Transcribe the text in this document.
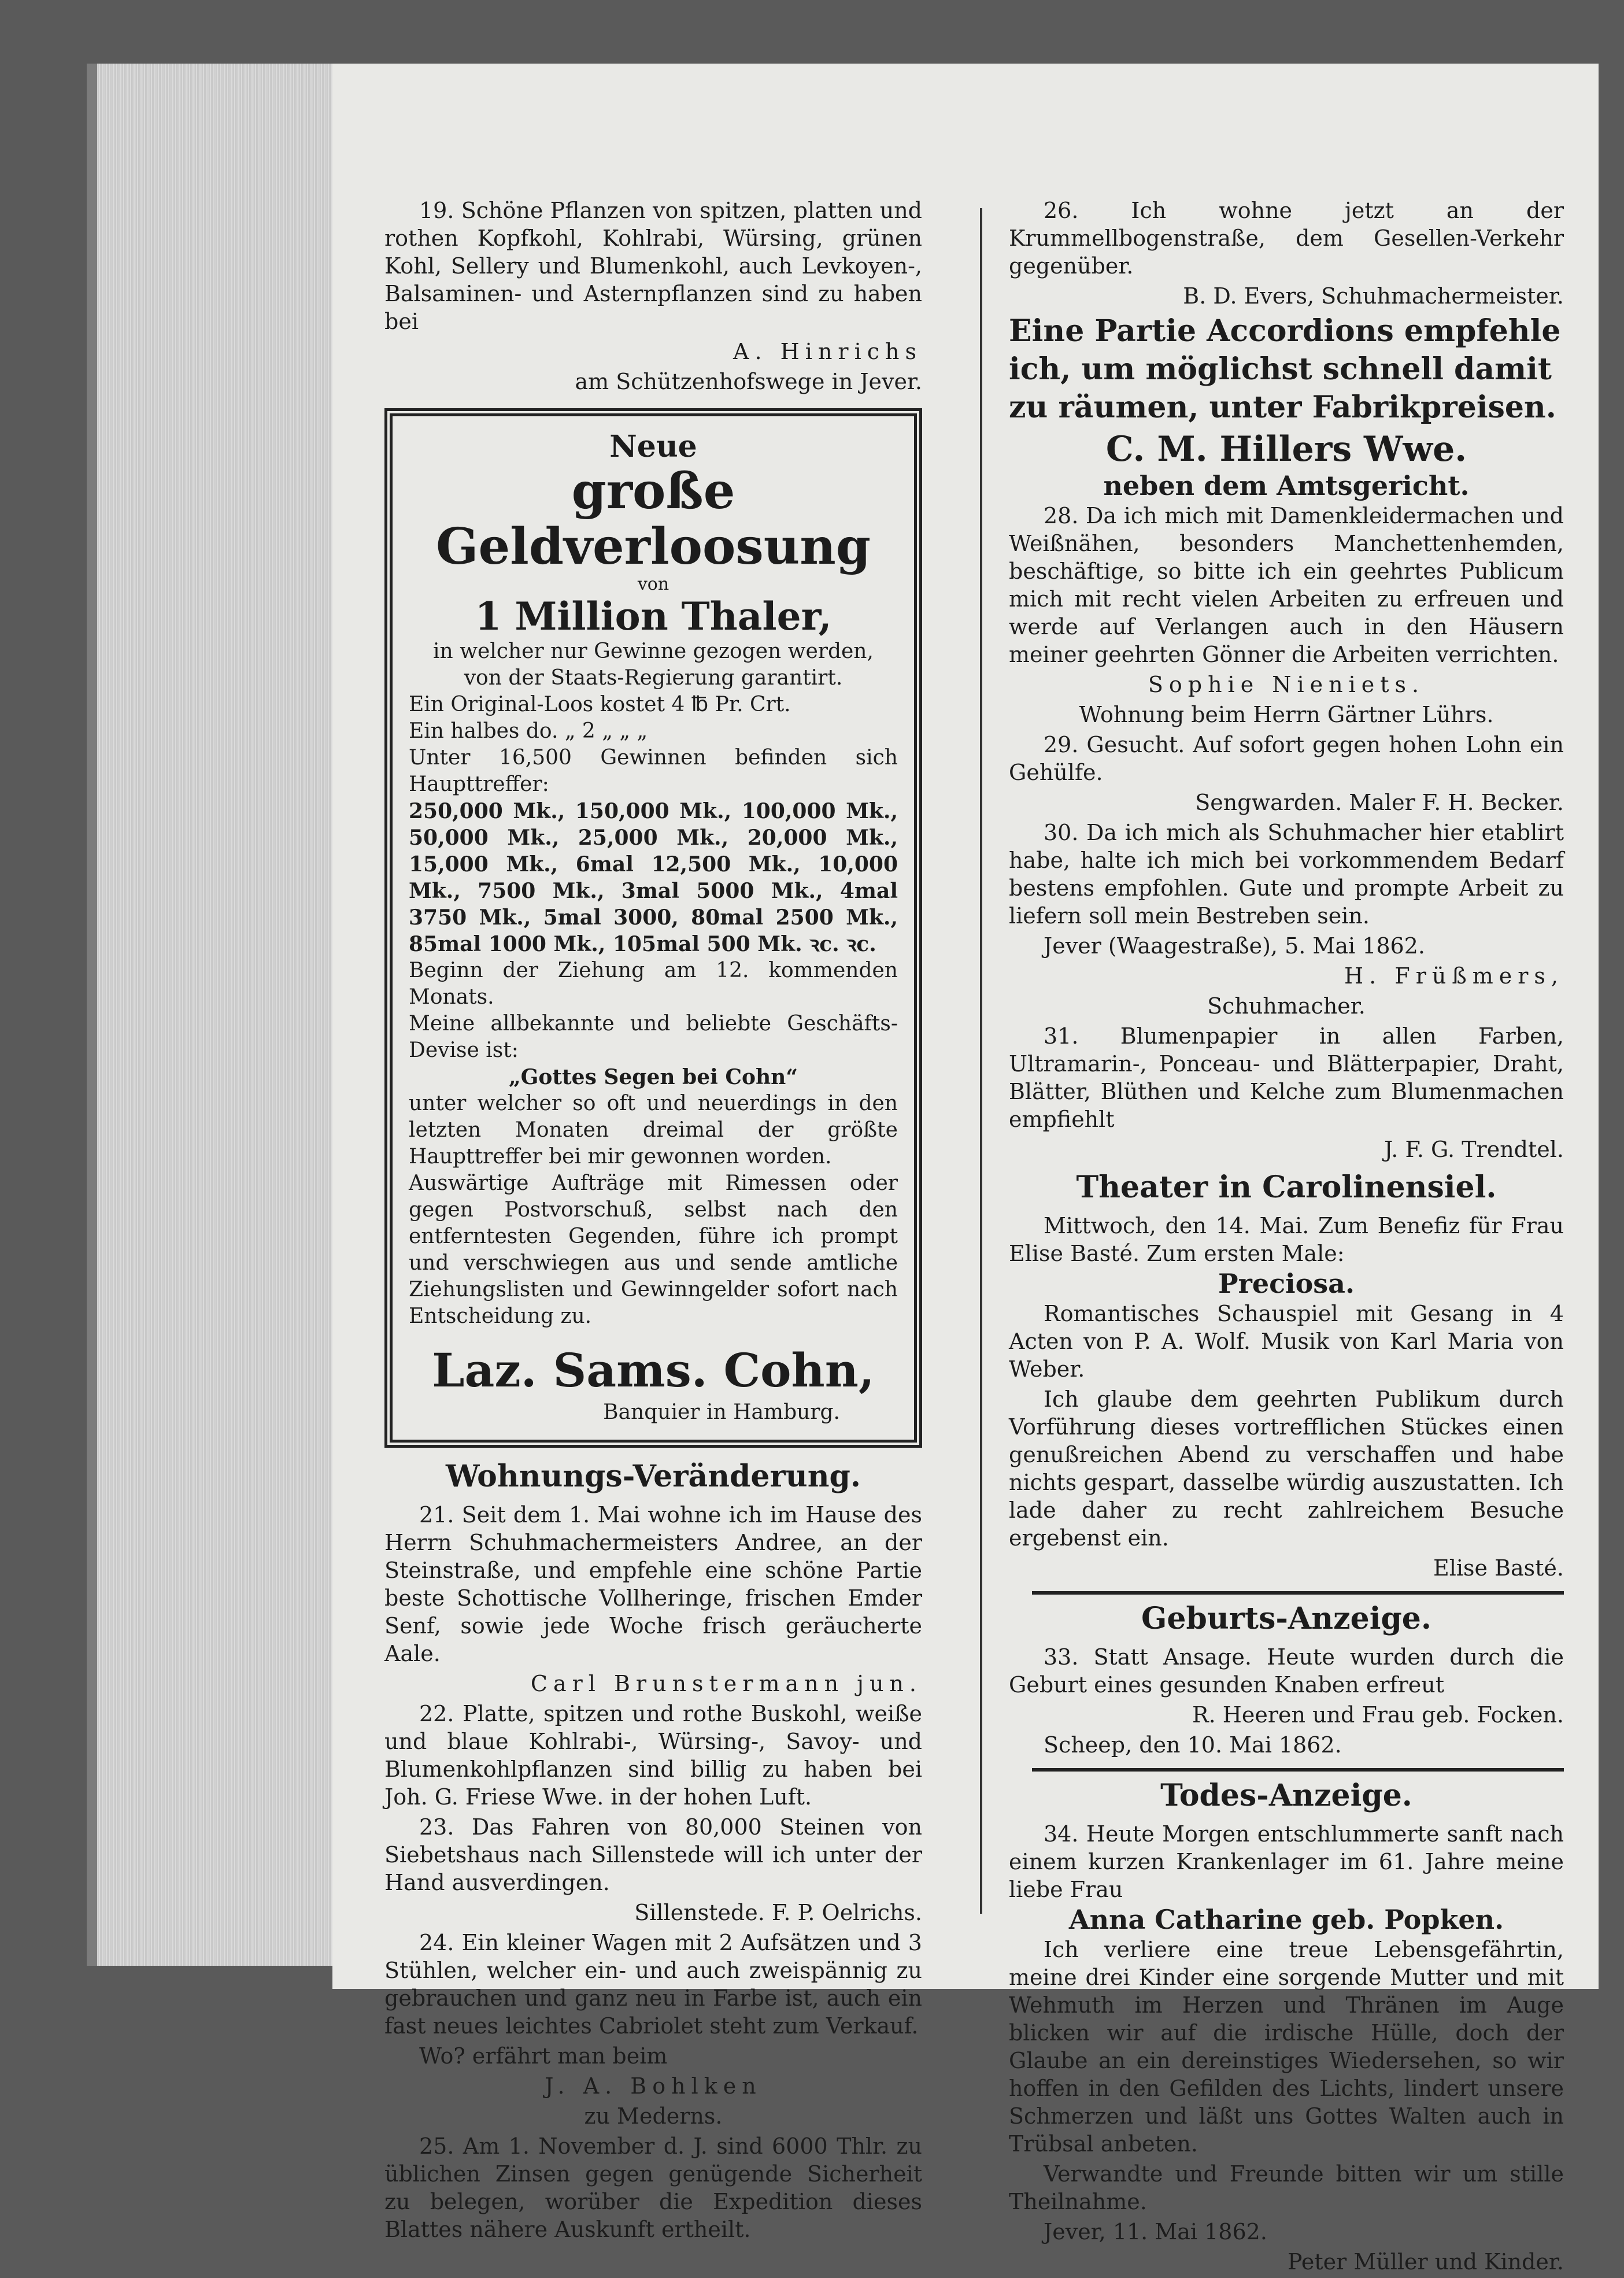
19. Schöne Pflanzen von spitzen, platten und rothen Kopfkohl, Kohlrabi, Würsing, grünen Kohl, Sellery und Blumenkohl, auch Levkoyen-, Balsaminen- und Asternpflanzen sind zu haben bei

A. Hinrichs

am Schützenhofswege in Jever.

Neue
große Geldverloosung
von
1 Million Thaler,
in welcher nur Gewinne gezogen werden,
von der Staats-Regierung garantirt.
Ein Original-Loos kostet 4 ℔ Pr. Crt.
Ein halbes do. „ 2 „ „ „
Unter 16,500 Gewinnen befinden sich Haupttreffer:
250,000 Mk., 150,000 Mk., 100,000 Mk., 50,000 Mk., 25,000 Mk., 20,000 Mk., 15,000 Mk., 6mal 12,500 Mk., 10,000 Mk., 7500 Mk., 3mal 5000 Mk., 4mal 3750 Mk., 5mal 3000, 80mal 2500 Mk., 85mal 1000 Mk., 105mal 500 Mk. ꝛc. ꝛc.
Beginn der Ziehung am 12. kommenden Monats.
Meine allbekannte und beliebte Geschäfts-Devise ist:
„Gottes Segen bei Cohn“
unter welcher so oft und neuerdings in den letzten Monaten dreimal der größte Haupttreffer bei mir gewonnen worden.
Auswärtige Aufträge mit Rimessen oder gegen Postvorschuß, selbst nach den entferntesten Gegenden, führe ich prompt und verschwiegen aus und sende amtliche Ziehungslisten und Gewinngelder sofort nach Entscheidung zu.
Laz. Sams. Cohn,
Banquier in Hamburg.
Wohnungs-Veränderung.

21. Seit dem 1. Mai wohne ich im Hause des Herrn Schuhmachermeisters Andree, an der Steinstraße, und empfehle eine schöne Partie beste Schottische Vollheringe, frischen Emder Senf, sowie jede Woche frisch geräucherte Aale.

Carl Brunstermann jun.

22. Platte, spitzen und rothe Buskohl, weiße und blaue Kohlrabi-, Würsing-, Savoy- und Blumenkohlpflanzen sind billig zu haben bei Joh. G. Friese Wwe. in der hohen Luft.

23. Das Fahren von 80,000 Steinen von Siebetshaus nach Sillenstede will ich unter der Hand ausverdingen.

Sillenstede. F. P. Oelrichs.

24. Ein kleiner Wagen mit 2 Aufsätzen und 3 Stühlen, welcher ein- und auch zweispännig zu gebrauchen und ganz neu in Farbe ist, auch ein fast neues leichtes Cabriolet steht zum Verkauf.

Wo? erfährt man beim

J. A. Bohlken

zu Mederns.

25. Am 1. November d. J. sind 6000 Thlr. zu üblichen Zinsen gegen genügende Sicherheit zu belegen, worüber die Expedition dieses Blattes nähere Auskunft ertheilt.

26. Ich wohne jetzt an der Krummellbogenstraße, dem Gesellen-Verkehr gegenüber.

B. D. Evers, Schuhmachermeister.

Eine Partie Accordions empfehle ich, um möglichst schnell damit zu räumen, unter Fabrikpreisen.

C. M. Hillers Wwe.

neben dem Amtsgericht.

28. Da ich mich mit Damenkleidermachen und Weißnähen, besonders Manchettenhemden, beschäftige, so bitte ich ein geehrtes Publicum mich mit recht vielen Arbeiten zu erfreuen und werde auf Verlangen auch in den Häusern meiner geehrten Gönner die Arbeiten verrichten.

Sophie Nieniets.

Wohnung beim Herrn Gärtner Lührs.

29. Gesucht. Auf sofort gegen hohen Lohn ein Gehülfe.

Sengwarden. Maler F. H. Becker.

30. Da ich mich als Schuhmacher hier etablirt habe, halte ich mich bei vorkommendem Bedarf bestens empfohlen. Gute und prompte Arbeit zu liefern soll mein Bestreben sein.

Jever (Waagestraße), 5. Mai 1862.

H. Früßmers,

Schuhmacher.

31. Blumenpapier in allen Farben, Ultramarin-, Ponceau- und Blätterpapier, Draht, Blätter, Blüthen und Kelche zum Blumenmachen empfiehlt

J. F. G. Trendtel.

Theater in Carolinensiel.

Mittwoch, den 14. Mai. Zum Benefiz für Frau Elise Basté. Zum ersten Male:

Preciosa.

Romantisches Schauspiel mit Gesang in 4 Acten von P. A. Wolf. Musik von Karl Maria von Weber.

Ich glaube dem geehrten Publikum durch Vorführung dieses vortrefflichen Stückes einen genußreichen Abend zu verschaffen und habe nichts gespart, dasselbe würdig auszustatten. Ich lade daher zu recht zahlreichem Besuche ergebenst ein.

Elise Basté.

Geburts-Anzeige.

33. Statt Ansage. Heute wurden durch die Geburt eines gesunden Knaben erfreut

R. Heeren und Frau geb. Focken.

Scheep, den 10. Mai 1862.

Todes-Anzeige.

34. Heute Morgen entschlummerte sanft nach einem kurzen Krankenlager im 61. Jahre meine liebe Frau

Anna Catharine geb. Popken.

Ich verliere eine treue Lebensgefährtin, meine drei Kinder eine sorgende Mutter und mit Wehmuth im Herzen und Thränen im Auge blicken wir auf die irdische Hülle, doch der Glaube an ein dereinstiges Wiedersehen, so wir hoffen in den Gefilden des Lichts, lindert unsere Schmerzen und läßt uns Gottes Walten auch in Trübsal anbeten.

Verwandte und Freunde bitten wir um stille Theilnahme.

Jever, 11. Mai 1862.

Peter Müller und Kinder.
